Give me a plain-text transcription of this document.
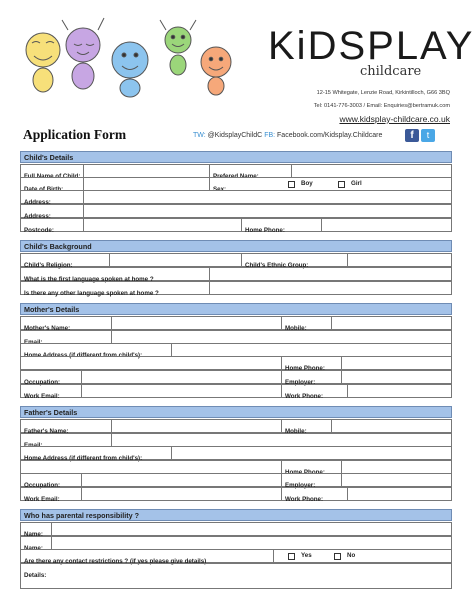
KiDSPLAY
childcare
12-15 Whitegate, Lenzie Road, Kirkintilloch, G66 3BQ
Tel: 0141-776-3003 / Email: Enquiries@bertramuk.com
www.kidsplay-childcare.co.uk
Application Form	TW: @KidsplayChildC FB: Facebook.com/Kidsplay.Childcare	f	t
Child's Details
Full Name of Child:	Prefered Name:
Date of Birth:	Sex:
Boy	Girl
Address:
Address:
Postcode:	Home Phone:
Child's Background
Child's Religion:	Child's Ethnic Group:
What is the first language spoken at home ?
Is there any other language spoken at home ?
Mother's Details
Mother's Name:	Mobile:
Email:
Home Address (if different from child's):
Home Phone:
Occupation:	Employer:
Work Email:	Work Phone:
Father's Details
Father's Name:	Mobile:
Email:
Home Address (if different from child's):
Home Phone:
Occupation:	Employer:
Work Email:	Work Phone:
Who has parental responsibility ?
Name:
Name:
Are there any contact restrictions ? (if yes please give details)
Yes	No
Details:
